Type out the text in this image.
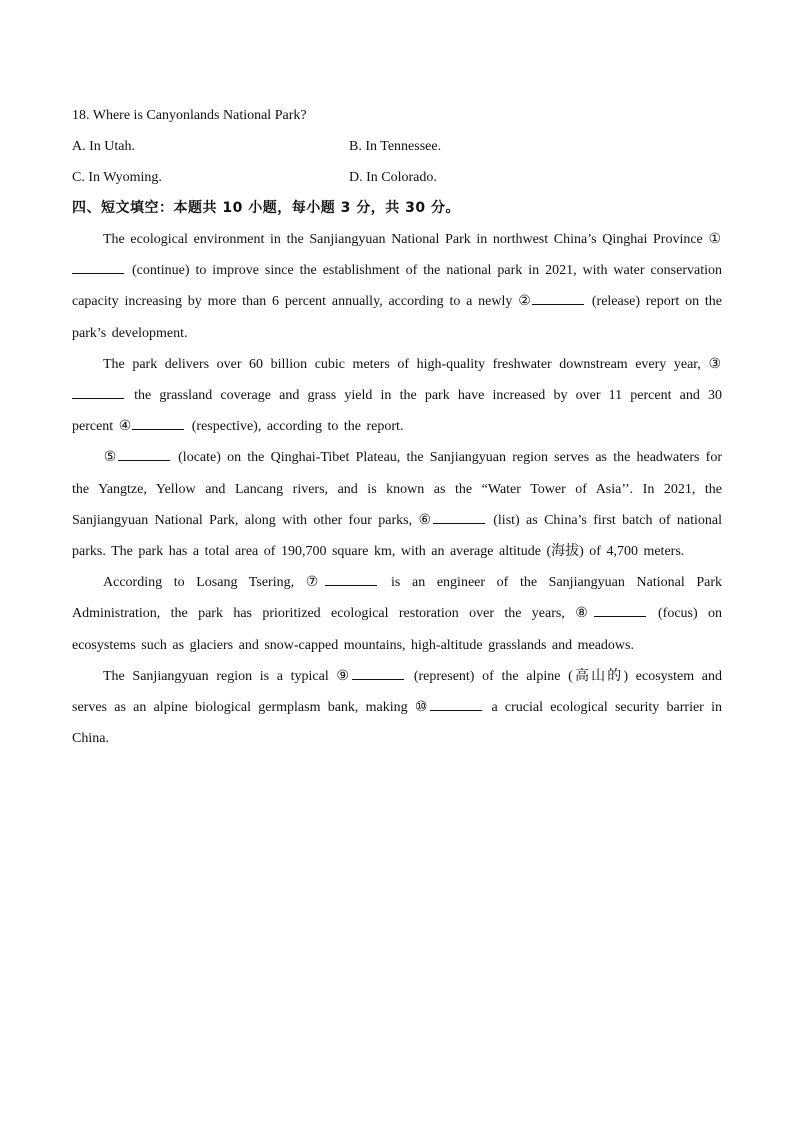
18. Where is Canyonlands National Park?
A. In Utah.	B. In Tennessee.
C. In Wyoming.	D. In Colorado.
四、短文填空：本题共 10 小题，每小题 3 分，共 30 分。

The ecological environment in the Sanjiangyuan National Park in northwest China’s Qinghai Province ① (continue) to improve since the establishment of the national park in 2021, with water conservation capacity increasing by more than 6 percent annually, according to a newly ②	(release) report on the park’s development.

The park delivers over 60 billion cubic meters of high-quality freshwater downstream every year, ③ the grassland coverage and grass yield in the park have increased by over 11 percent and 30 percent ④	(respective), according to the report.

⑤	(locate) on the Qinghai-Tibet Plateau, the Sanjiangyuan region serves as the headwaters for the Yangtze, Yellow and Lancang rivers, and is known as the “Water Tower of Asia’’. In 2021, the Sanjiangyuan National Park, along with other four parks, ⑥	(list) as China’s first batch of national parks. The park has a total area of 190,700 square km, with an average altitude (海拔) of 4,700 meters.

According to Losang Tsering, ⑦	is an engineer of the Sanjiangyuan National Park Administration, the park has prioritized ecological restoration over the years, ⑧	(focus) on ecosystems such as glaciers and snow-capped mountains, high-altitude grasslands and meadows.

The Sanjiangyuan region is a typical ⑨	(represent) of the alpine (高山的) ecosystem and serves as an alpine biological germplasm bank, making ⑩	a crucial ecological security barrier in China.
